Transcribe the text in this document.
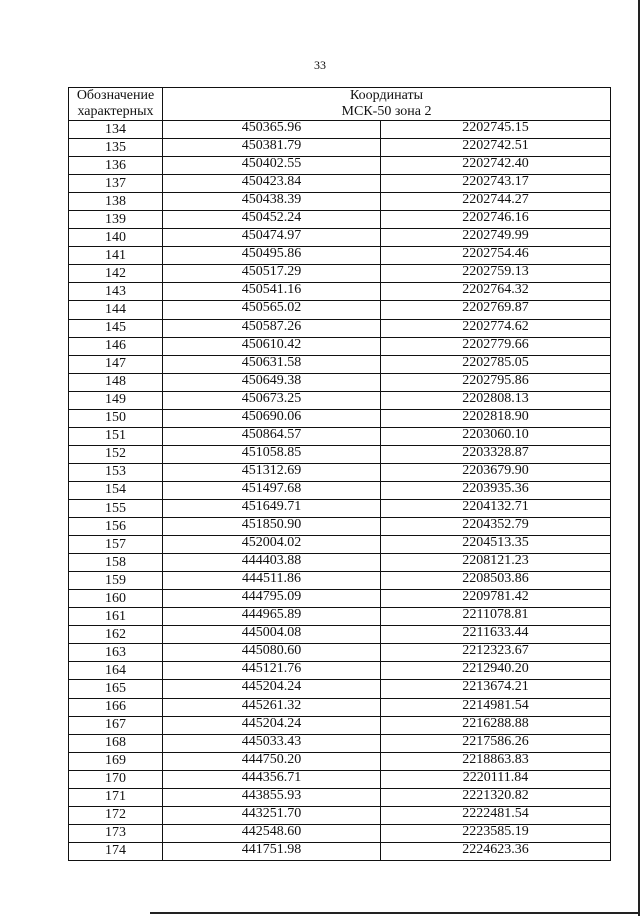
33
Обозначение характерных	Координаты
МСК-50 зона 2	

134	450365.96	2202745.15
135	450381.79	2202742.51
136	450402.55	2202742.40
137	450423.84	2202743.17
138	450438.39	2202744.27
139	450452.24	2202746.16
140	450474.97	2202749.99
141	450495.86	2202754.46
142	450517.29	2202759.13
143	450541.16	2202764.32
144	450565.02	2202769.87
145	450587.26	2202774.62
146	450610.42	2202779.66
147	450631.58	2202785.05
148	450649.38	2202795.86
149	450673.25	2202808.13
150	450690.06	2202818.90
151	450864.57	2203060.10
152	451058.85	2203328.87
153	451312.69	2203679.90
154	451497.68	2203935.36
155	451649.71	2204132.71
156	451850.90	2204352.79
157	452004.02	2204513.35
158	444403.88	2208121.23
159	444511.86	2208503.86
160	444795.09	2209781.42
161	444965.89	2211078.81
162	445004.08	2211633.44
163	445080.60	2212323.67
164	445121.76	2212940.20
165	445204.24	2213674.21
166	445261.32	2214981.54
167	445204.24	2216288.88
168	445033.43	2217586.26
169	444750.20	2218863.83
170	444356.71	2220111.84
171	443855.93	2221320.82
172	443251.70	2222481.54
173	442548.60	2223585.19
174	441751.98	2224623.36
